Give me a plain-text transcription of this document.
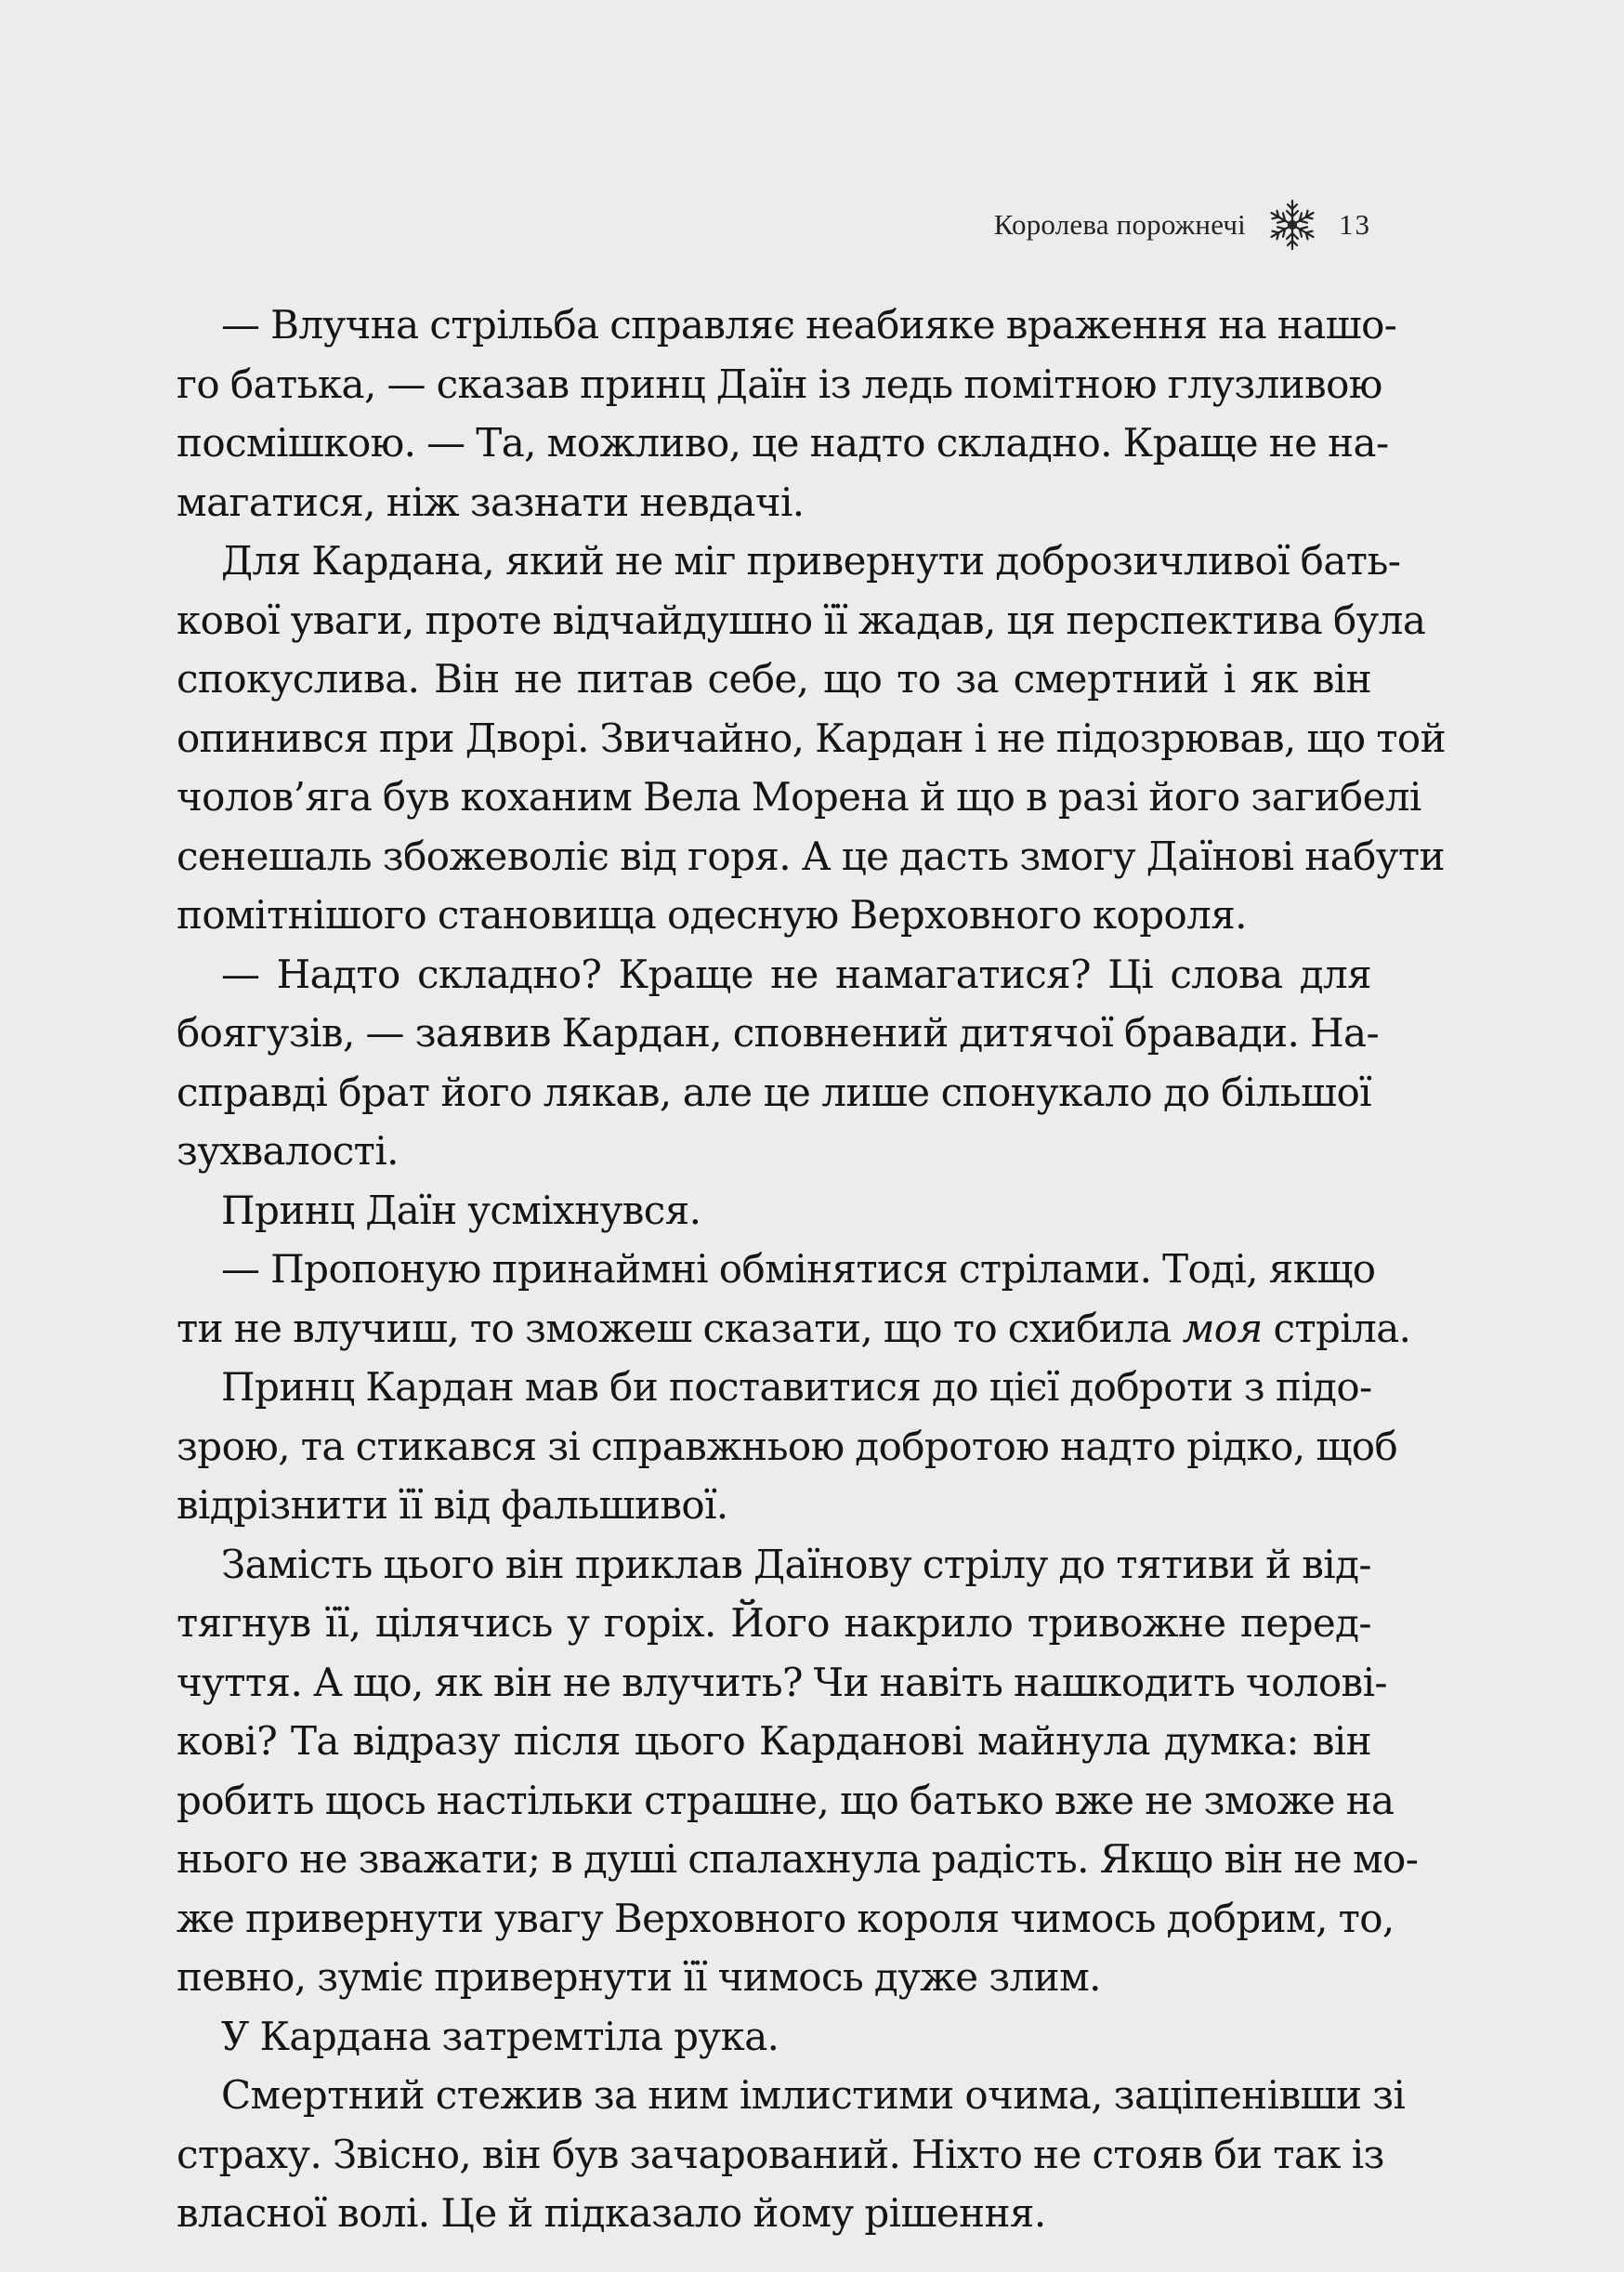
Королева порожнечі	13
— Влучна стрільба справляє неабияке враження на нашо-
го батька, — сказав принц Даїн із ледь помітною глузливою
посмішкою. — Та, можливо, це надто складно. Краще не на-
магатися, ніж зазнати невдачі.
Для Кардана, який не міг привернути доброзичливої бать-
кової уваги, проте відчайдушно її жадав, ця перспектива була
спокуслива. Він не питав себе, що то за смертний і як він
опинився при Дворі. Звичайно, Кардан і не підозрював, що той
чолов’яга був коханим Вела Морена й що в разі його загибелі
сенешаль збожеволіє від горя. А це дасть змогу Даїнові набути
помітнішого становища одесную Верховного короля.
— Надто складно? Краще не намагатися? Ці слова для
боягузів, — заявив Кардан, сповнений дитячої бравади. На-
справді брат його лякав, але це лише спонукало до більшої
зухвалості.
Принц Даїн усміхнувся.
— Пропоную принаймні обмінятися стрілами. Тоді, якщо
ти не влучиш, то зможеш сказати, що то схибила моя стріла.
Принц Кардан мав би поставитися до цієї доброти з підо-
зрою, та стикався зі справжньою добротою надто рідко, щоб
відрізнити її від фальшивої.
Замість цього він приклав Даїнову стрілу до тятиви й від-
тягнув її, цілячись у горіх. Його накрило тривожне перед-
чуття. А що, як він не влучить? Чи навіть нашкодить чолові-
кові? Та відразу після цього Карданові майнула думка: він
робить щось настільки страшне, що батько вже не зможе на
нього не зважати; в душі спалахнула радість. Якщо він не мо-
же привернути увагу Верховного короля чимось добрим, то,
певно, зуміє привернути її чимось дуже злим.
У Кардана затремтіла рука.
Смертний стежив за ним імлистими очима, заціпенівши зі
страху. Звісно, він був зачарований. Ніхто не стояв би так із
власної волі. Це й підказало йому рішення.
